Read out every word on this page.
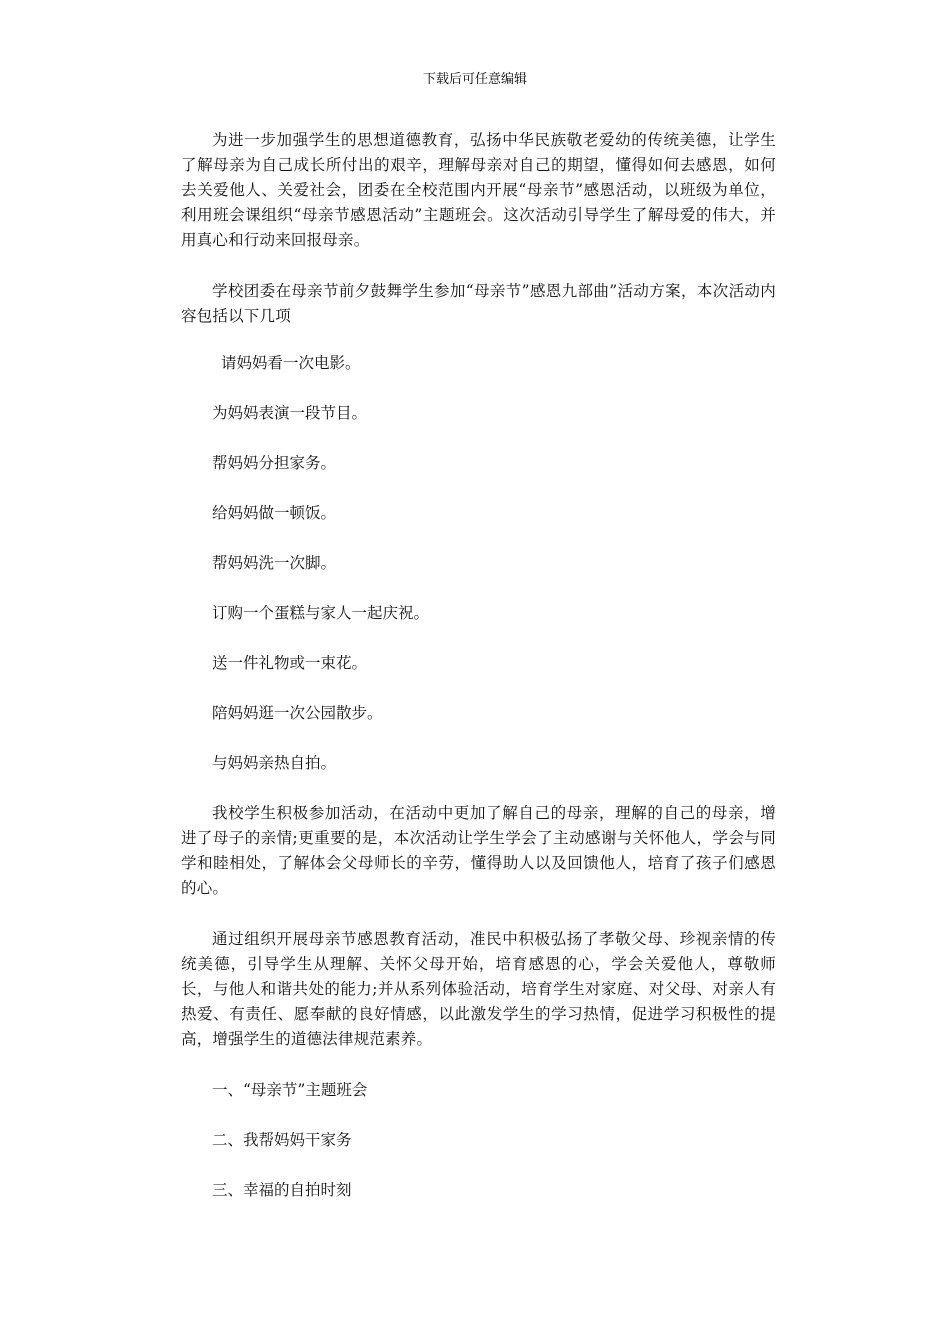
下载后可任意编辑

为进一步加强学生的思想道德教育，弘扬中华民族敬老爱幼的传统美德，让学生了解母亲为自己成长所付出的艰辛，理解母亲对自己的期望，懂得如何去感恩，如何去关爱他人、关爱社会，团委在全校范围内开展“母亲节”感恩活动，以班级为单位，利用班会课组织“母亲节感恩活动”主题班会。这次活动引导学生了解母爱的伟大，并用真心和行动来回报母亲。

学校团委在母亲节前夕鼓舞学生参加“母亲节”感恩九部曲”活动方案，本次活动内容包括以下几项

请妈妈看一次电影。
为妈妈表演一段节目。
帮妈妈分担家务。
给妈妈做一顿饭。
帮妈妈洗一次脚。
订购一个蛋糕与家人一起庆祝。
送一件礼物或一束花。
陪妈妈逛一次公园散步。
与妈妈亲热自拍。

我校学生积极参加活动，在活动中更加了解自己的母亲，理解的自己的母亲，增进了母子的亲情;更重要的是，本次活动让学生学会了主动感谢与关怀他人，学会与同学和睦相处，了解体会父母师长的辛劳，懂得助人以及回馈他人，培育了孩子们感恩的心。

通过组织开展母亲节感恩教育活动，准民中积极弘扬了孝敬父母、珍视亲情的传统美德，引导学生从理解、关怀父母开始，培育感恩的心，学会关爱他人，尊敬师长，与他人和谐共处的能力;并从系列体验活动，培育学生对家庭、对父母、对亲人有热爱、有责任、愿奉献的良好情感，以此激发学生的学习热情，促进学习积极性的提高，增强学生的道德法律规范素养。

一、“母亲节”主题班会
二、我帮妈妈干家务
三、幸福的自拍时刻
